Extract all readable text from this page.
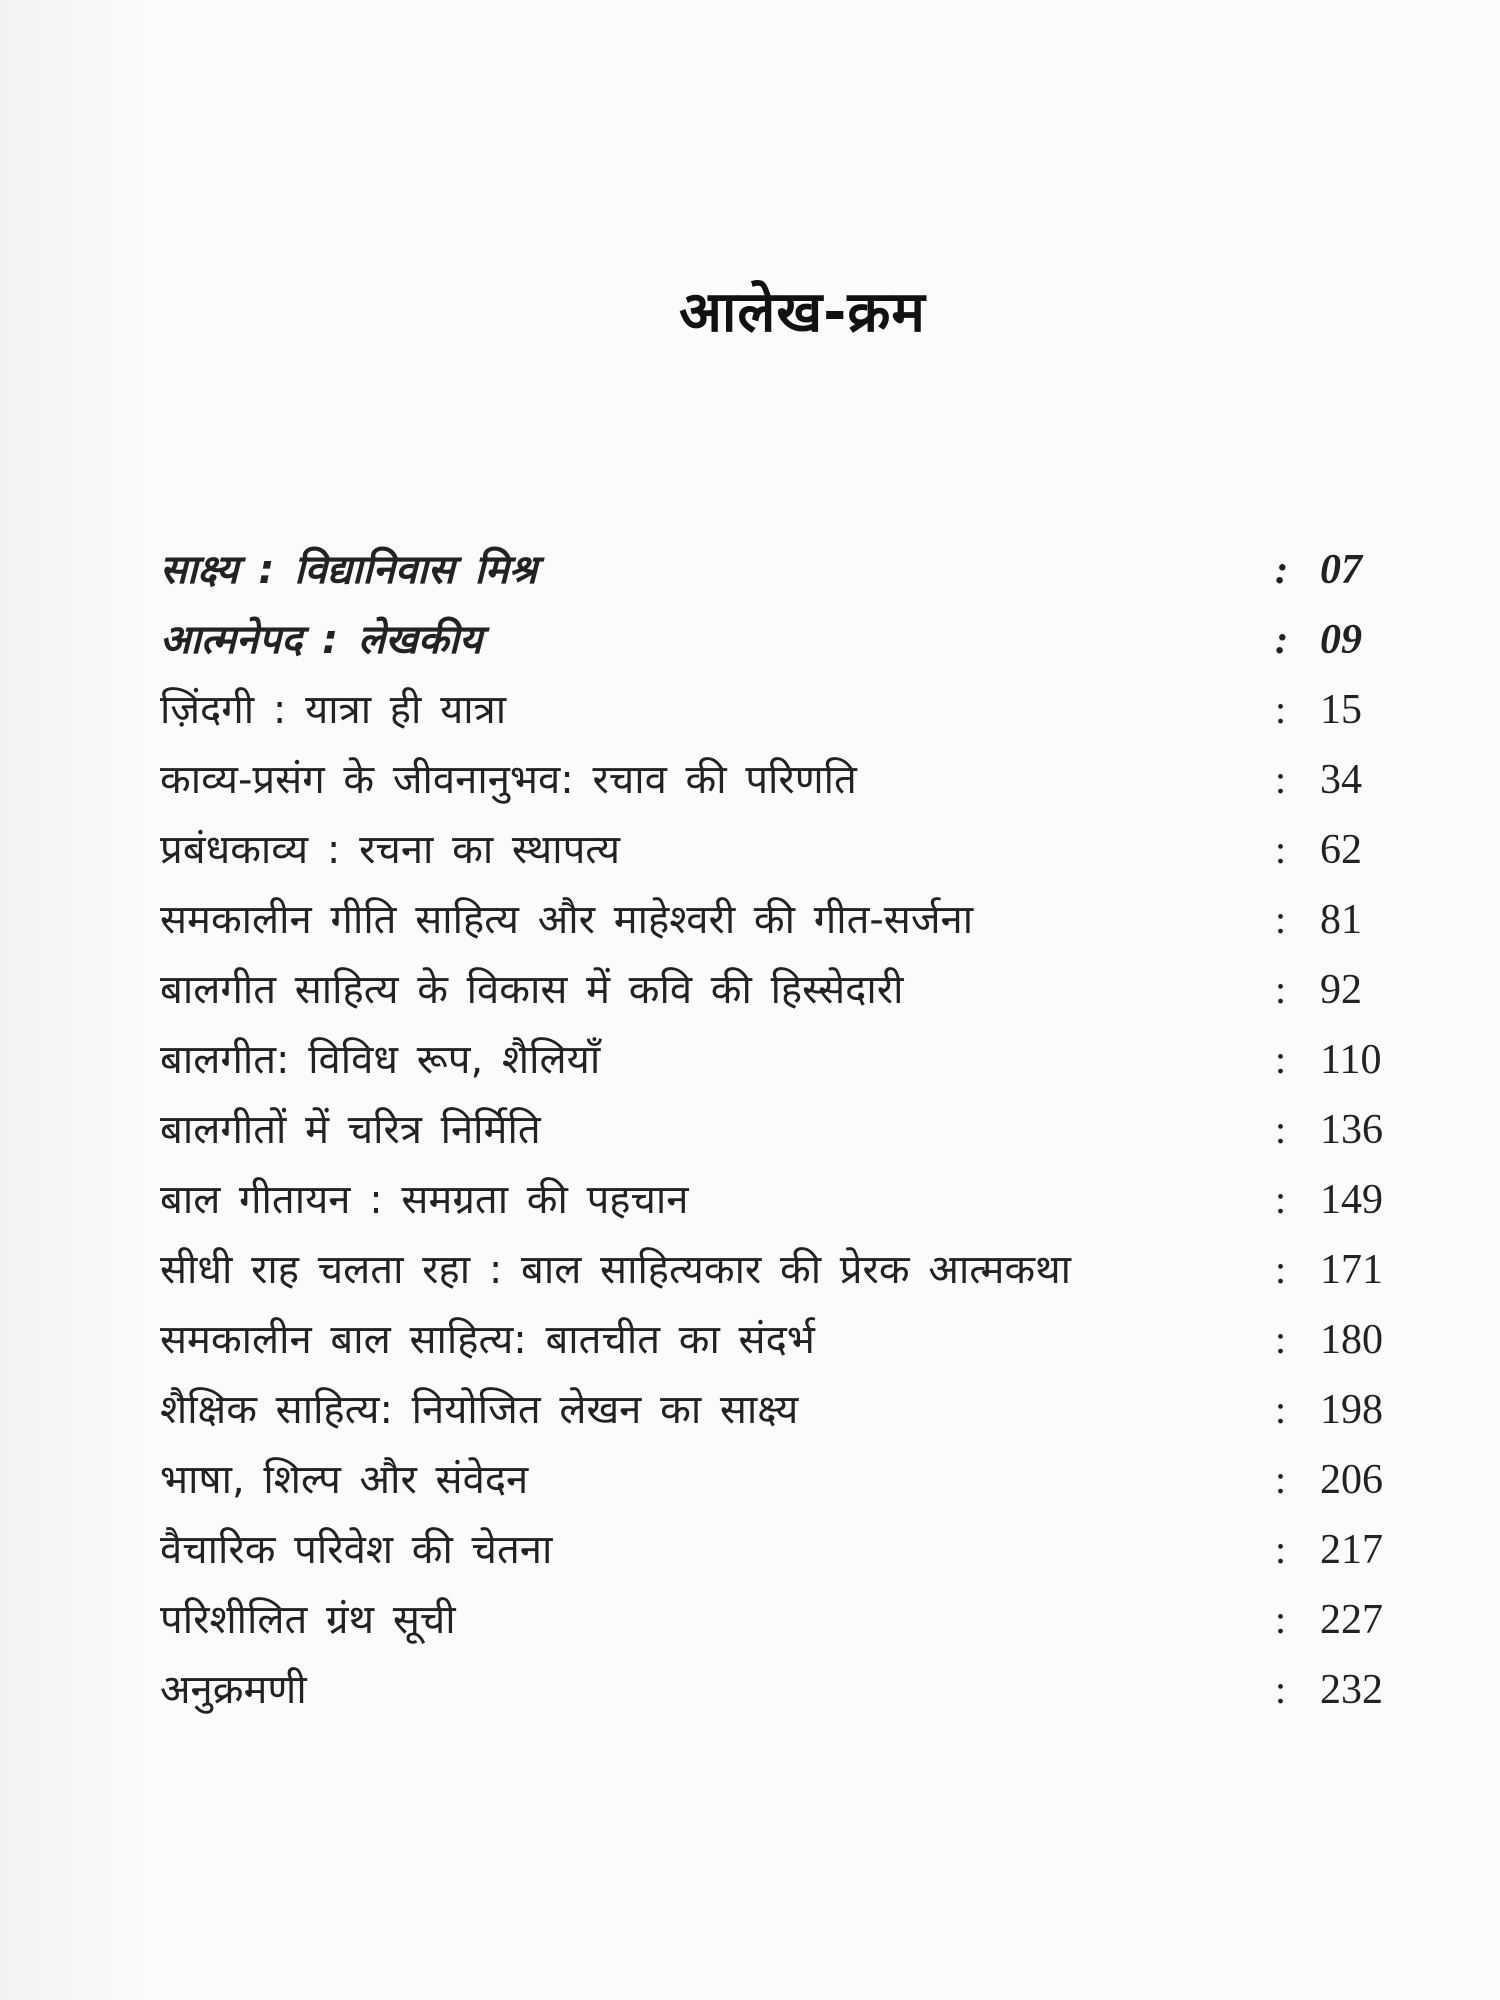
आलेख-क्रम
साक्ष्य : विद्यानिवास मिश्र	: 07
आत्मनेपद : लेखकीय	: 09
ज़िंदगी : यात्रा ही यात्रा	: 15
काव्य-प्रसंग के जीवनानुभव: रचाव की परिणति	: 34
प्रबंधकाव्य : रचना का स्थापत्य	: 62
समकालीन गीति साहित्य और माहेश्वरी की गीत-सर्जना	: 81
बालगीत साहित्य के विकास में कवि की हिस्सेदारी	: 92
बालगीत: विविध रूप, शैलियाँ	: 110
बालगीतों में चरित्र निर्मिति	: 136
बाल गीतायन : समग्रता की पहचान	: 149
सीधी राह चलता रहा : बाल साहित्यकार की प्रेरक आत्मकथा	: 171
समकालीन बाल साहित्य: बातचीत का संदर्भ	: 180
शैक्षिक साहित्य: नियोजित लेखन का साक्ष्य	: 198
भाषा, शिल्प और संवेदन	: 206
वैचारिक परिवेश की चेतना	: 217
परिशीलित ग्रंथ सूची	: 227
अनुक्रमणी	: 232
